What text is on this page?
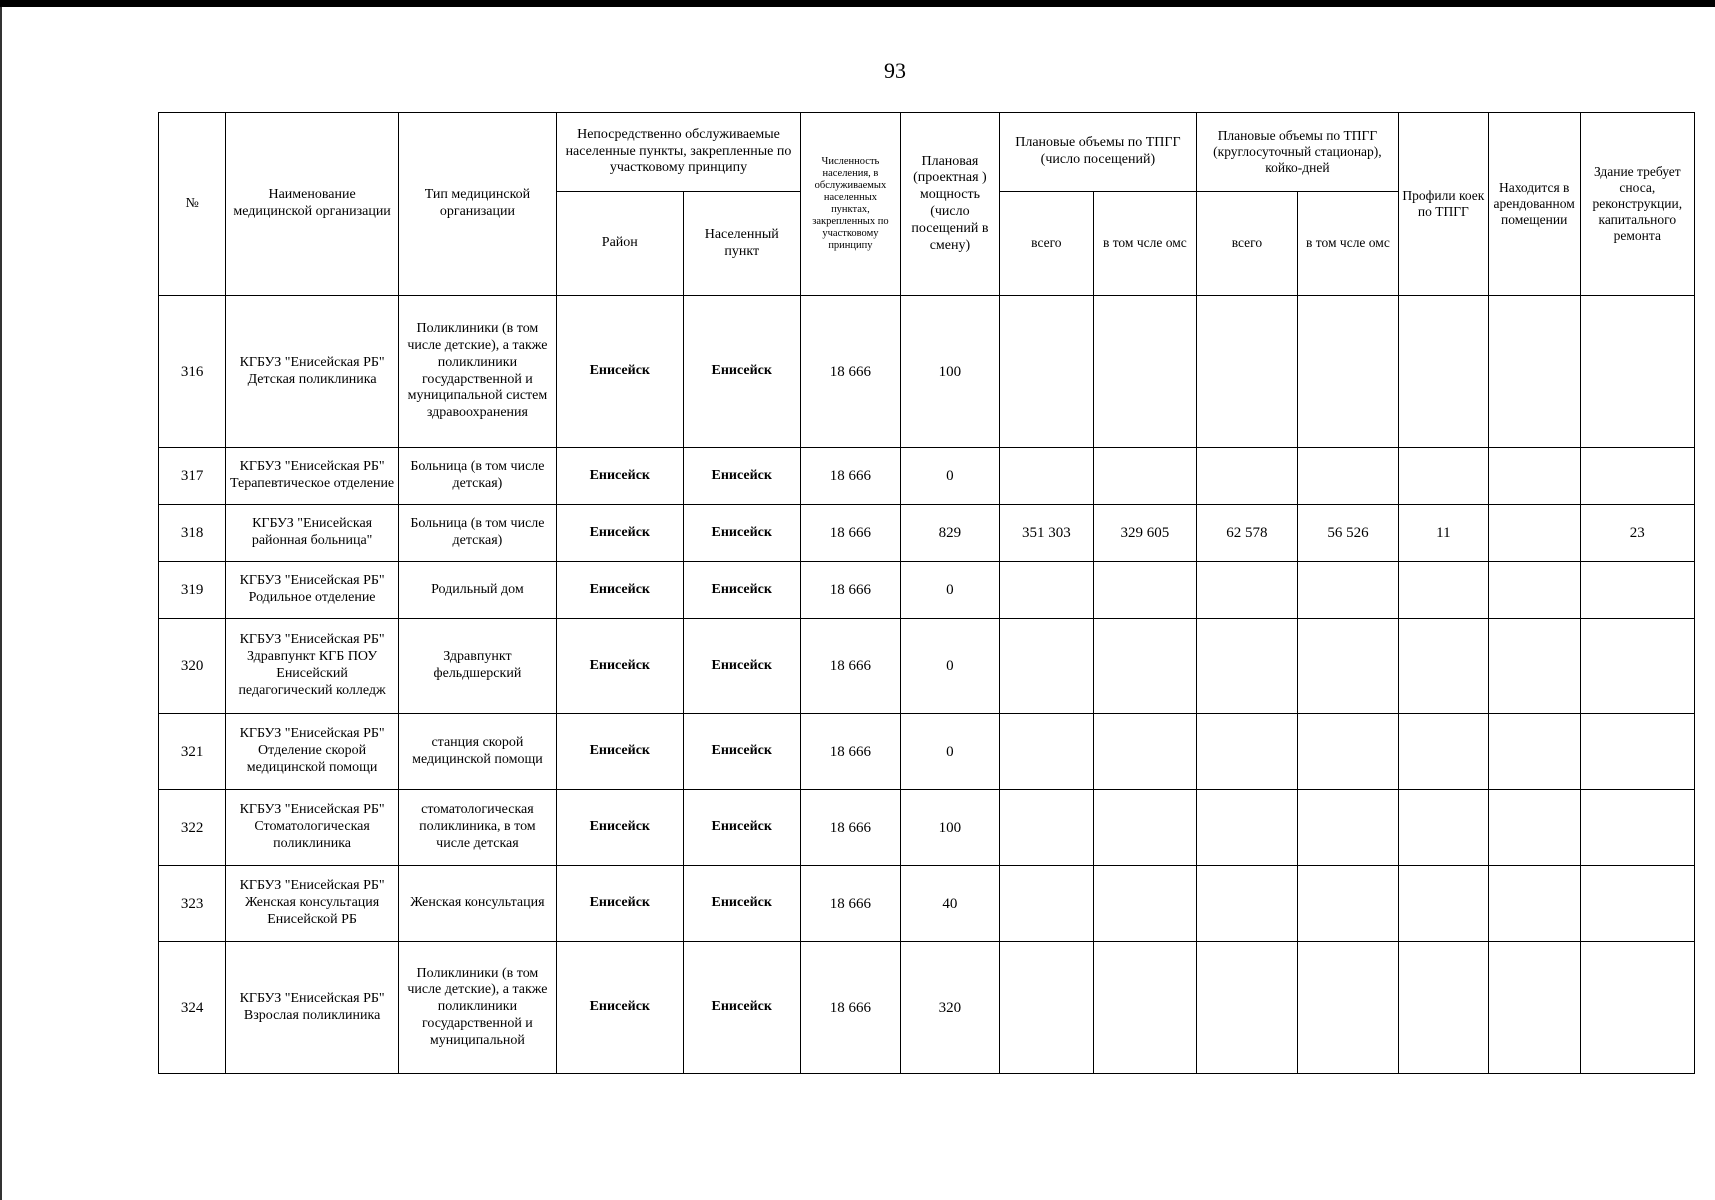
93
№	Наименование медицинской организации	Тип медицинской организации	Непосредственно обслуживаемые населенные пункты, закрепленные по участковому принципу		Численность населения, в обслуживаемых населенных пунктах, закрепленных по участковому принципу	Плановая (проектная ) мощность (число посещений в смену)	Плановые объемы по ТПГГ (число посещений)		Плановые объемы по ТПГГ (круглосуточный стационар), койко-дней		Профили коек по ТПГГ	Находится в арендованном помещении	Здание требует сноса, реконструкции, капитального ремонта
			Район	Населенный пункт			всего	в том чсле омс	всего	в том чсле омс			
316	КГБУЗ "Енисейская РБ" Детская поликлиника	Поликлиники (в том числе детские), а также поликлиники государственной и муниципальной систем здравоохранения	Енисейск	Енисейск	18 666	100							
317	КГБУЗ "Енисейская РБ" Терапевтическое отделение	Больница (в том числе детская)	Енисейск	Енисейск	18 666	0							
318	КГБУЗ "Енисейская районная больница"	Больница (в том числе детская)	Енисейск	Енисейск	18 666	829	351 303	329 605	62 578	56 526	11		23
319	КГБУЗ "Енисейская РБ" Родильное отделение	Родильный дом	Енисейск	Енисейск	18 666	0							
320	КГБУЗ "Енисейская РБ" Здравпункт КГБ ПОУ Енисейский педагогический колледж	Здравпункт фельдшерский	Енисейск	Енисейск	18 666	0							
321	КГБУЗ "Енисейская РБ" Отделение скорой медицинской помощи	станция скорой медицинской помощи	Енисейск	Енисейск	18 666	0							
322	КГБУЗ "Енисейская РБ" Стоматологическая поликлиника	стоматологическая поликлиника, в том числе детская	Енисейск	Енисейск	18 666	100							
323	КГБУЗ "Енисейская РБ" Женская консультация Енисейской РБ	Женская консультация	Енисейск	Енисейск	18 666	40							
324	КГБУЗ "Енисейская РБ" Взрослая поликлиника	Поликлиники (в том числе детские), а также поликлиники государственной и муниципальной	Енисейск	Енисейск	18 666	320							
